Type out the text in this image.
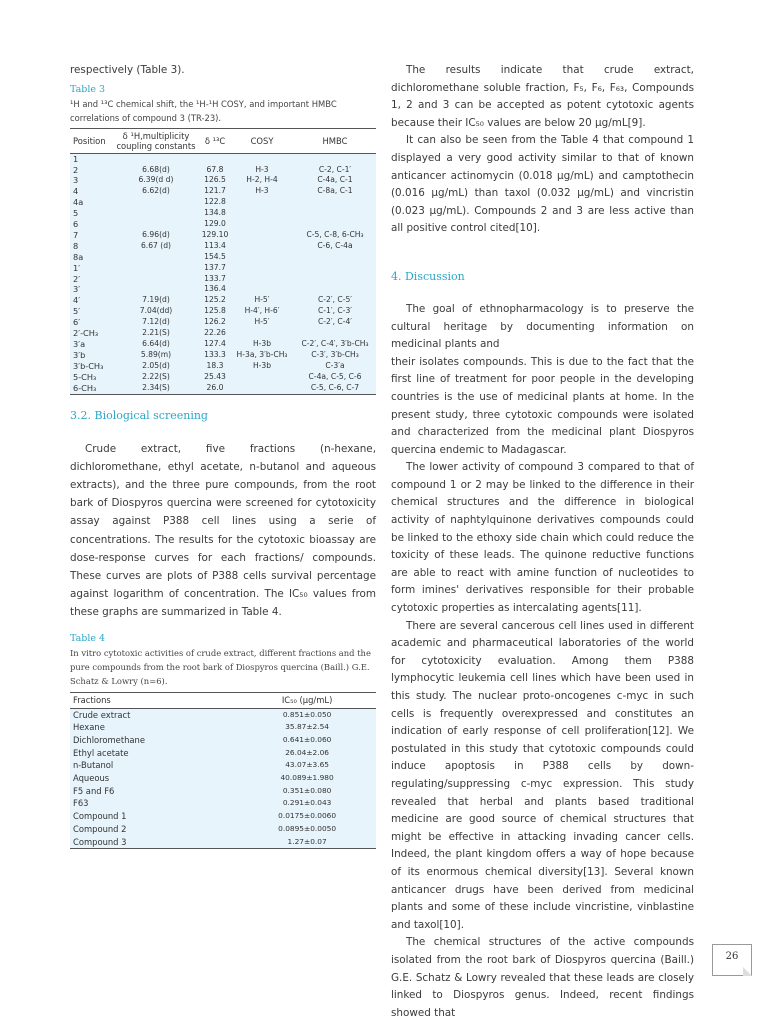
respectively (Table 3).

Table 3

¹H and ¹³C chemical shift, the ¹H-¹H COSY, and important HMBC correlations of compound 3 (TR-23).

Position	δ ¹H,multiplicity coupling constants	δ ¹³C	COSY	HMBC
1				
2	6.68(d)	67.8	H-3	C-2, C-1′
3	6.39(d d)	126.5	H-2, H-4	C-4a, C-1
4	6.62(d)	121.7	H-3	C-8a, C-1
4a		122.8		
5		134.8		
6		129.0		
7	6.96(d)	129.10		C-5, C-8, 6-CH₃
8	6.67 (d)	113.4		C-6, C-4a
8a		154.5		
1′		137.7		
2′		133.7		
3′		136.4		
4′	7.19(d)	125.2	H-5′	C-2′, C-5′
5′	7.04(dd)	125.8	H-4′, H-6′	C-1′, C-3′
6′	7.12(d)	126.2	H-5′	C-2′, C-4′
2′-CH₃	2.21(S)	22.26		
3′a	6.64(d)	127.4	H-3b	C-2′, C-4′, 3′b-CH₃
3′b	5.89(m)	133.3	H-3a, 3′b-CH₃	C-3′, 3′b-CH₃
3′b-CH₃	2.05(d)	18.3	H-3b	C-3′a
5-CH₃	2.22(S)	25.43		C-4a, C-5, C-6
6-CH₃	2.34(S)	26.0		C-5, C-6, C-7

3.2. Biological screening

Crude extract, five fractions (n-hexane, dichloromethane, ethyl acetate, n-butanol and aqueous extracts), and the three pure compounds, from the root bark of Diospyros quercina were screened for cytotoxicity assay against P388 cell lines using a serie of concentrations. The results for the cytotoxic bioassay are dose-response curves for each fractions/ compounds. These curves are plots of P388 cells survival percentage against logarithm of concentration. The IC₅₀ values from these graphs are summarized in Table 4.

Table 4

In vitro cytotoxic activities of crude extract, different fractions and the pure compounds from the root bark of Diospyros quercina (Baill.) G.E. Schatz & Lowry (n=6).

Fractions	IC₅₀ (μg/mL)
Crude extract	0.851±0.050
Hexane	35.87±2.54
Dichloromethane	0.641±0.060
Ethyl acetate	26.04±2.06
n-Butanol	43.07±3.65
Aqueous	40.089±1.980
F5 and F6	0.351±0.080
F63	0.291±0.043
Compound 1	0.0175±0.0060
Compound 2	0.0895±0.0050
Compound 3	1.27±0.07

The results indicate that crude extract, dichloromethane soluble fraction, F₅, F₆, F₆₃, Compounds 1, 2 and 3 can be accepted as potent cytotoxic agents because their IC₅₀ values are below 20 μg/mL[9].

It can also be seen from the Table 4 that compound 1 displayed a very good activity similar to that of known anticancer actinomycin (0.018 μg/mL) and camptothecin (0.016 μg/mL) than taxol (0.032 μg/mL) and vincristin (0.023 μg/mL). Compounds 2 and 3 are less active than all positive control cited[10].

4. Discussion

The goal of ethnopharmacology is to preserve the cultural heritage by documenting information on medicinal plants and

their isolates compounds. This is due to the fact that the first line of treatment for poor people in the developing countries is the use of medicinal plants at home. In the present study, three cytotoxic compounds were isolated and characterized from the medicinal plant Diospyros quercina endemic to Madagascar.

The lower activity of compound 3 compared to that of compound 1 or 2 may be linked to the difference in their chemical structures and the difference in biological activity of naphtylquinone derivatives compounds could be linked to the ethoxy side chain which could reduce the toxicity of these leads. The quinone reductive functions are able to react with amine function of nucleotides to form imines' derivatives responsible for their probable cytotoxic properties as intercalating agents[11].

There are several cancerous cell lines used in different academic and pharmaceutical laboratories of the world for cytotoxicity evaluation. Among them P388 lymphocytic leukemia cell lines which have been used in this study. The nuclear proto-oncogenes c-myc in such cells is frequently overexpressed and constitutes an indication of early response of cell proliferation[12]. We postulated in this study that cytotoxic compounds could induce apoptosis in P388 cells by down-regulating/suppressing c-myc expression. This study revealed that herbal and plants based traditional medicine are good source of chemical structures that might be effective in attacking invading cancer cells. Indeed, the plant kingdom offers a way of hope because of its enormous chemical diversity[13]. Several known anticancer drugs have been derived from medicinal plants and some of these include vincristine, vinblastine and taxol[10].

The chemical structures of the active compounds isolated from the root bark of Diospyros quercina (Baill.) G.E. Schatz & Lowry revealed that these leads are closely linked to Diospyros genus. Indeed, recent findings showed that

26
